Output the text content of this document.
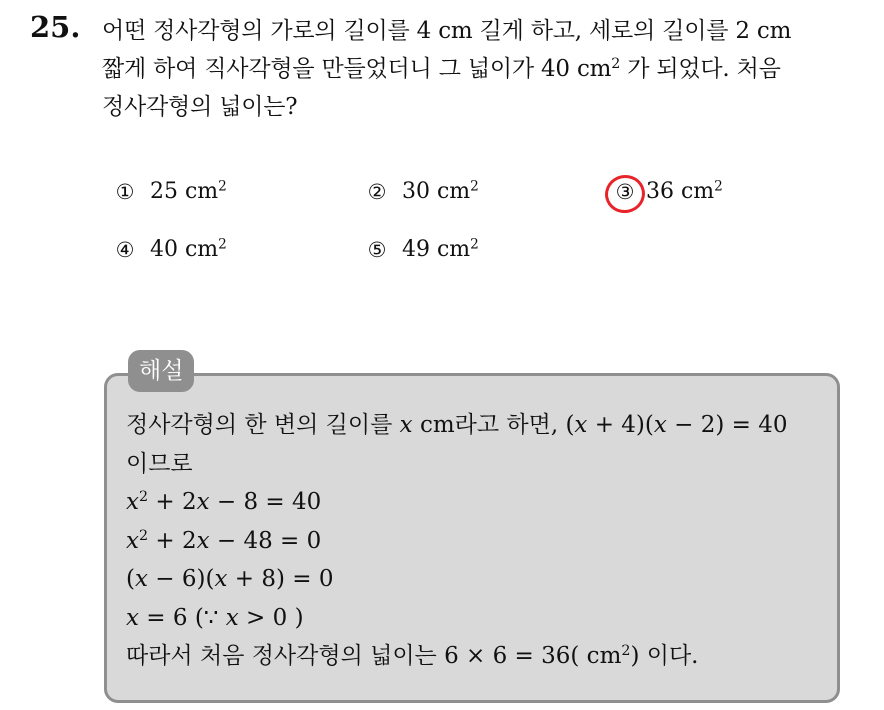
25. 어떤 정사각형의 가로의 길이를 4 cm 길게 하고, 세로의 길이를 2 cm
짧게 하여 직사각형을 만들었더니 그 넓이가 40 $cm^2$ 가 되었다. 처음
정사각형의 넓이는?
① 25 $cm^2$	② 30 $cm^2$	③ 36 $cm^2$
④ 40 $cm^2$	⑤ 49 $cm^2$
해설
정사각형의 한 변의 길이를 x cm라고 하면, (x + 4)(x − 2) = 40
이므로
$x^2 + 2x - 8 = 40$
$x^2 + 2x - 48 = 0$
(x − 6)(x + 8) = 0
x = 6 (∵ x > 0 )
따라서 처음 정사각형의 넓이는 6 × 6 = 36( $cm^2$) 이다.
